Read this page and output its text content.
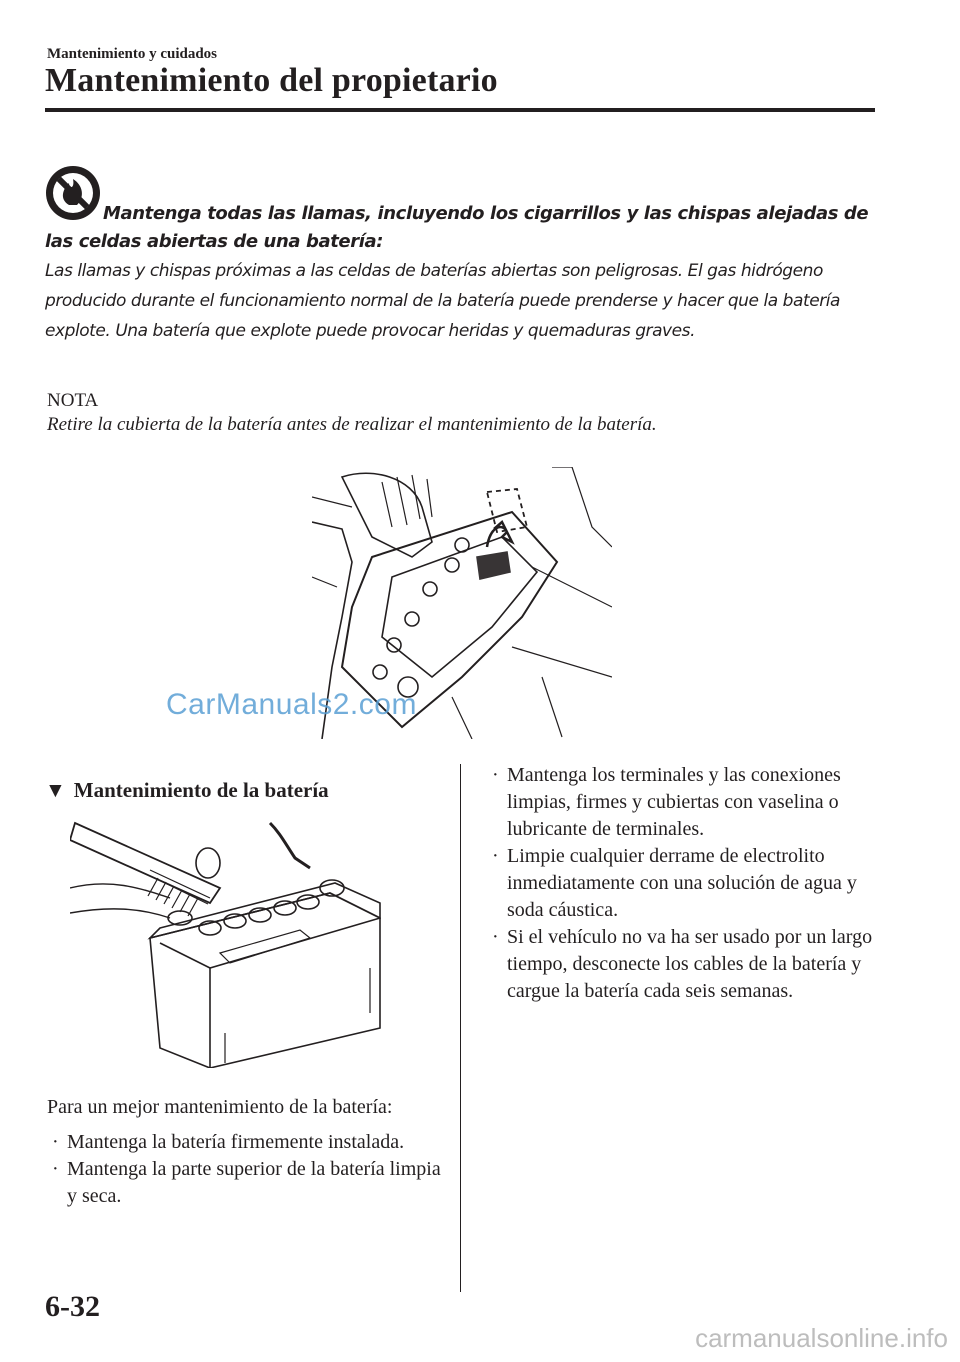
Mantenimiento y cuidados
Mantenimiento del propietario

Mantenga todas las llamas, incluyendo los cigarrillos y las chispas alejadas de las celdas abiertas de una batería:

Las llamas y chispas próximas a las celdas de baterías abiertas son peligrosas. El gas hidrógeno producido durante el funcionamiento normal de la batería puede prenderse y hacer que la batería explote. Una batería que explote puede provocar heridas y quemaduras graves.

NOTA
Retire la cubierta de la batería antes de realizar el mantenimiento de la batería.
CarManuals2.com
▼ Mantenimiento de la batería

Para un mejor mantenimiento de la batería:

· Mantenga la batería firmemente instalada.

· Mantenga la parte superior de la batería limpia y seca.

· Mantenga los terminales y las conexiones limpias, firmes y cubiertas con vaselina o lubricante de terminales.

· Limpie cualquier derrame de electrolito inmediatamente con una solución de agua y soda cáustica.

· Si el vehículo no va ha ser usado por un largo tiempo, desconecte los cables de la batería y cargue la batería cada seis semanas.

6-32
carmanualsonline.info
